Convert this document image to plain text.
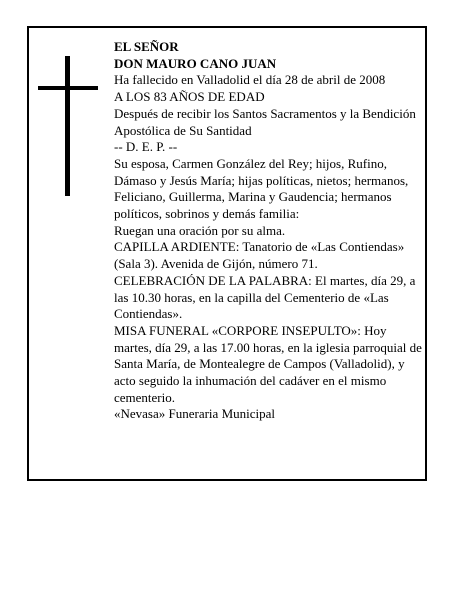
EL SEÑOR

DON MAURO CANO JUAN

Ha fallecido en Valladolid el día 28 de abril de 2008

A LOS 83 AÑOS DE EDAD

Después de recibir los Santos Sacramentos y la Bendición Apostólica de Su Santidad

-- D. E. P. --

Su esposa, Carmen González del Rey; hijos, Rufino, Dámaso y Jesús María; hijas políticas, nietos; hermanos, Feliciano, Guillerma, Marina y Gaudencia; hermanos políticos, sobrinos y demás familia:

Ruegan una oración por su alma.

CAPILLA ARDIENTE: Tanatorio de «Las Contiendas» (Sala 3). Avenida de Gijón, número 71.

CELEBRACIÓN DE LA PALABRA: El martes, día 29, a las 10.30 horas, en la capilla del Cementerio de «Las Contiendas».

MISA FUNERAL «CORPORE INSEPULTO»: Hoy martes, día 29, a las 17.00 horas, en la iglesia parroquial de Santa María, de Montealegre de Campos (Valladolid), y acto seguido la inhumación del cadáver en el mismo cementerio.

«Nevasa» Funeraria Municipal
